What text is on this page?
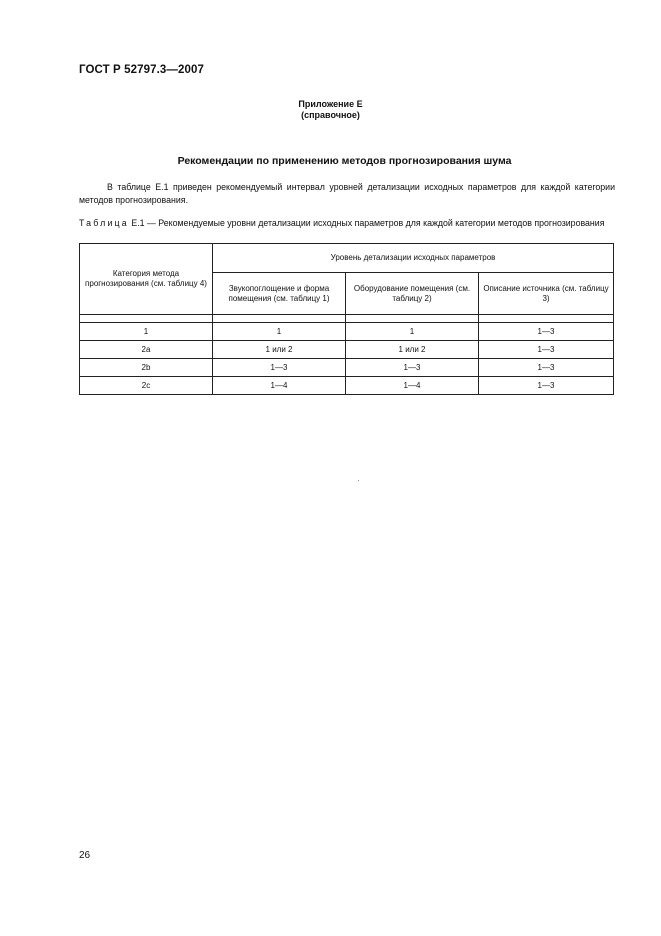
ГОСТ Р 52797.3—2007
Приложение Е
(справочное)
Рекомендации по применению методов прогнозирования шума
В таблице Е.1 приведен рекомендуемый интервал уровней детализации исходных параметров для каждой категории методов прогнозирования.
Таблица Е.1 — Рекомендуемые уровни детализации исходных параметров для каждой категории методов прогнозирования
Категория метода прогнозирования (см. таблицу 4)	Уровень детализации исходных параметров		
	Звукопоглощение и форма помещения (см. таблицу 1)	Оборудование помещения (см. таблицу 2)	Описание источника (см. таблицу 3)

1	1	1	1—3
2a	1 или 2	1 или 2	1—3
2b	1—3	1—3	1—3
2c	1—4	1—4	1—3
26
